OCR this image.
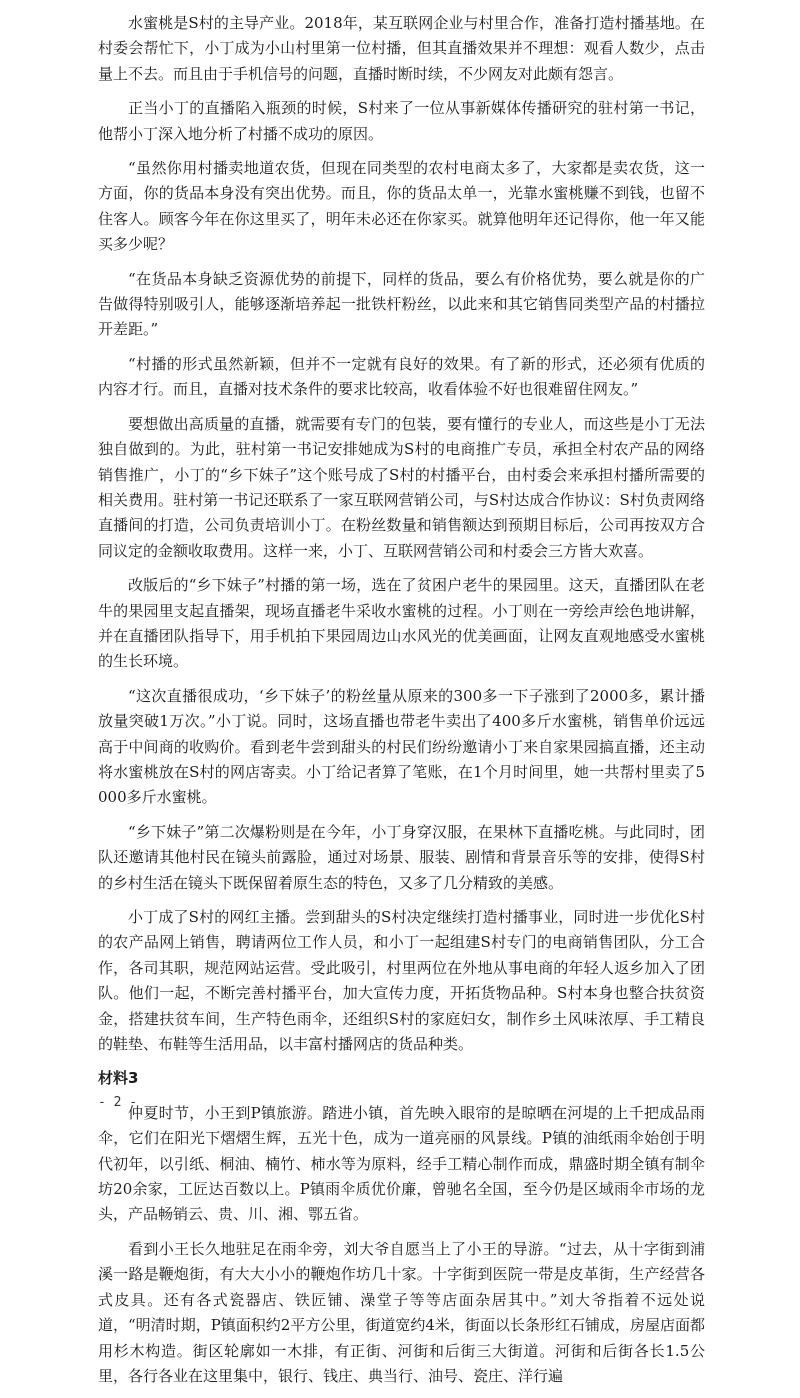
水蜜桃是S村的主导产业。2018年，某互联网企业与村里合作，准备打造村播基地。在村委会帮忙下，小丁成为小山村里第一位村播，但其直播效果并不理想：观看人数少，点击量上不去。而且由于手机信号的问题，直播时断时续，不少网友对此颇有怨言。

正当小丁的直播陷入瓶颈的时候，S村来了一位从事新媒体传播研究的驻村第一书记，他帮小丁深入地分析了村播不成功的原因。

“虽然你用村播卖地道农货，但现在同类型的农村电商太多了，大家都是卖农货，这一方面，你的货品本身没有突出优势。而且，你的货品太单一，光靠水蜜桃赚不到钱，也留不住客人。顾客今年在你这里买了，明年未必还在你家买。就算他明年还记得你，他一年又能买多少呢？

“在货品本身缺乏资源优势的前提下，同样的货品，要么有价格优势，要么就是你的广告做得特别吸引人，能够逐渐培养起一批铁杆粉丝，以此来和其它销售同类型产品的村播拉开差距。”

“村播的形式虽然新颖，但并不一定就有良好的效果。有了新的形式，还必须有优质的内容才行。而且，直播对技术条件的要求比较高，收看体验不好也很难留住网友。”

要想做出高质量的直播，就需要有专门的包装，要有懂行的专业人，而这些是小丁无法独自做到的。为此，驻村第一书记安排她成为S村的电商推广专员，承担全村农产品的网络销售推广，小丁的“乡下妹子”这个账号成了S村的村播平台，由村委会来承担村播所需要的相关费用。驻村第一书记还联系了一家互联网营销公司，与S村达成合作协议：S村负责网络直播间的打造，公司负责培训小丁。在粉丝数量和销售额达到预期目标后，公司再按双方合同议定的金额收取费用。这样一来，小丁、互联网营销公司和村委会三方皆大欢喜。

改版后的“乡下妹子”村播的第一场，选在了贫困户老牛的果园里。这天，直播团队在老牛的果园里支起直播架，现场直播老牛采收水蜜桃的过程。小丁则在一旁绘声绘色地讲解，并在直播团队指导下，用手机拍下果园周边山水风光的优美画面，让网友直观地感受水蜜桃的生长环境。

“这次直播很成功，‘乡下妹子’的粉丝量从原来的300多一下子涨到了2000多，累计播放量突破1万次。”小丁说。同时，这场直播也带老牛卖出了400多斤水蜜桃，销售单价远远高于中间商的收购价。看到老牛尝到甜头的村民们纷纷邀请小丁来自家果园搞直播，还主动将水蜜桃放在S村的网店寄卖。小丁给记者算了笔账，在1个月时间里，她一共帮村里卖了5000多斤水蜜桃。

“乡下妹子”第二次爆粉则是在今年，小丁身穿汉服，在果林下直播吃桃。与此同时，团队还邀请其他村民在镜头前露脸，通过对场景、服装、剧情和背景音乐等的安排，使得S村的乡村生活在镜头下既保留着原生态的特色，又多了几分精致的美感。

小丁成了S村的网红主播。尝到甜头的S村决定继续打造村播事业，同时进一步优化S村的农产品网上销售，聘请两位工作人员，和小丁一起组建S村专门的电商销售团队，分工合作，各司其职，规范网站运营。受此吸引，村里两位在外地从事电商的年轻人返乡加入了团队。他们一起，不断完善村播平台，加大宣传力度，开拓货物品种。S村本身也整合扶贫资金，搭建扶贫车间，生产特色雨伞，还组织S村的家庭妇女，制作乡土风味浓厚、手工精良的鞋垫、布鞋等生活用品，以丰富村播网店的货品种类。

材料3

仲夏时节，小王到P镇旅游。踏进小镇，首先映入眼帘的是晾晒在河堤的上千把成品雨伞，它们在阳光下熠熠生辉，五光十色，成为一道亮丽的风景线。P镇的油纸雨伞始创于明代初年，以引纸、桐油、楠竹、柿水等为原料，经手工精心制作而成，鼎盛时期全镇有制伞坊20余家，工匠达百数以上。P镇雨伞质优价廉，曾驰名全国，至今仍是区域雨伞市场的龙头，产品畅销云、贵、川、湘、鄂五省。

看到小王长久地驻足在雨伞旁，刘大爷自愿当上了小王的导游。“过去，从十字街到浦溪一路是鞭炮街，有大大小小的鞭炮作坊几十家。十字街到医院一带是皮革街，生产经营各式皮具。还有各式瓷器店、铁匠铺、澡堂子等等店面杂居其中。”刘大爷指着不远处说道，“明清时期，P镇面积约2平方公里，街道宽约4米，街面以长条形红石铺成，房屋店面都用杉木构造。街区轮廓如一木排，有正街、河街和后街三大街道。河街和后街各长1.5公里，各行各业在这里集中，银行、钱庄、典当行、油号、瓷庄、洋行遍

- 2 -
